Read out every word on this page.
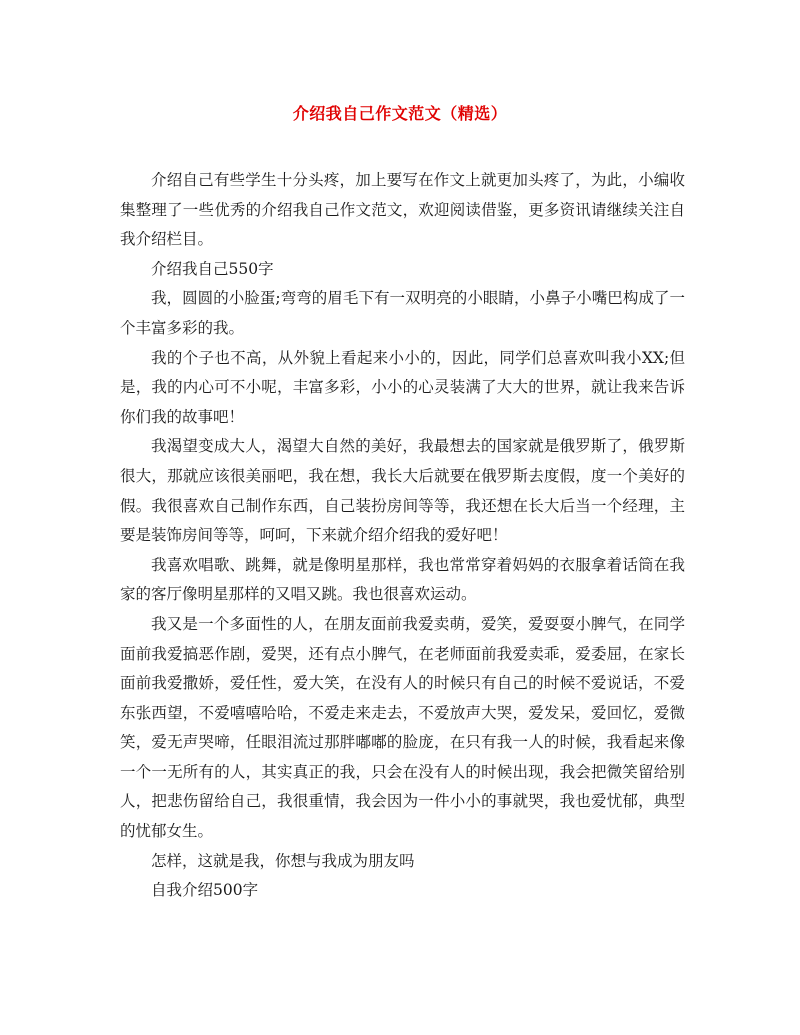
介绍我自己作文范文（精选）

介绍自己有些学生十分头疼，加上要写在作文上就更加头疼了，为此，小编收集整理了一些优秀的介绍我自己作文范文，欢迎阅读借鉴，更多资讯请继续关注自我介绍栏目。

介绍我自己550字

我，圆圆的小脸蛋;弯弯的眉毛下有一双明亮的小眼睛，小鼻子小嘴巴构成了一个丰富多彩的我。

我的个子也不高，从外貌上看起来小小的，因此，同学们总喜欢叫我小XX;但是，我的内心可不小呢，丰富多彩，小小的心灵装满了大大的世界，就让我来告诉你们我的故事吧！

我渴望变成大人，渴望大自然的美好，我最想去的国家就是俄罗斯了，俄罗斯很大，那就应该很美丽吧，我在想，我长大后就要在俄罗斯去度假，度一个美好的假。我很喜欢自己制作东西，自己装扮房间等等，我还想在长大后当一个经理，主要是装饰房间等等，呵呵，下来就介绍介绍我的爱好吧！

我喜欢唱歌、跳舞，就是像明星那样，我也常常穿着妈妈的衣服拿着话筒在我家的客厅像明星那样的又唱又跳。我也很喜欢运动。

我又是一个多面性的人，在朋友面前我爱卖萌，爱笑，爱耍耍小脾气，在同学面前我爱搞恶作剧，爱哭，还有点小脾气，在老师面前我爱卖乖，爱委屈，在家长面前我爱撒娇，爱任性，爱大笑，在没有人的时候只有自己的时候不爱说话，不爱东张西望，不爱嘻嘻哈哈，不爱走来走去，不爱放声大哭，爱发呆，爱回忆，爱微笑，爱无声哭啼，任眼泪流过那胖嘟嘟的脸庞，在只有我一人的时候，我看起来像一个一无所有的人，其实真正的我，只会在没有人的时候出现，我会把微笑留给别人，把悲伤留给自己，我很重情，我会因为一件小小的事就哭，我也爱忧郁，典型的忧郁女生。

怎样，这就是我，你想与我成为朋友吗

自我介绍500字
